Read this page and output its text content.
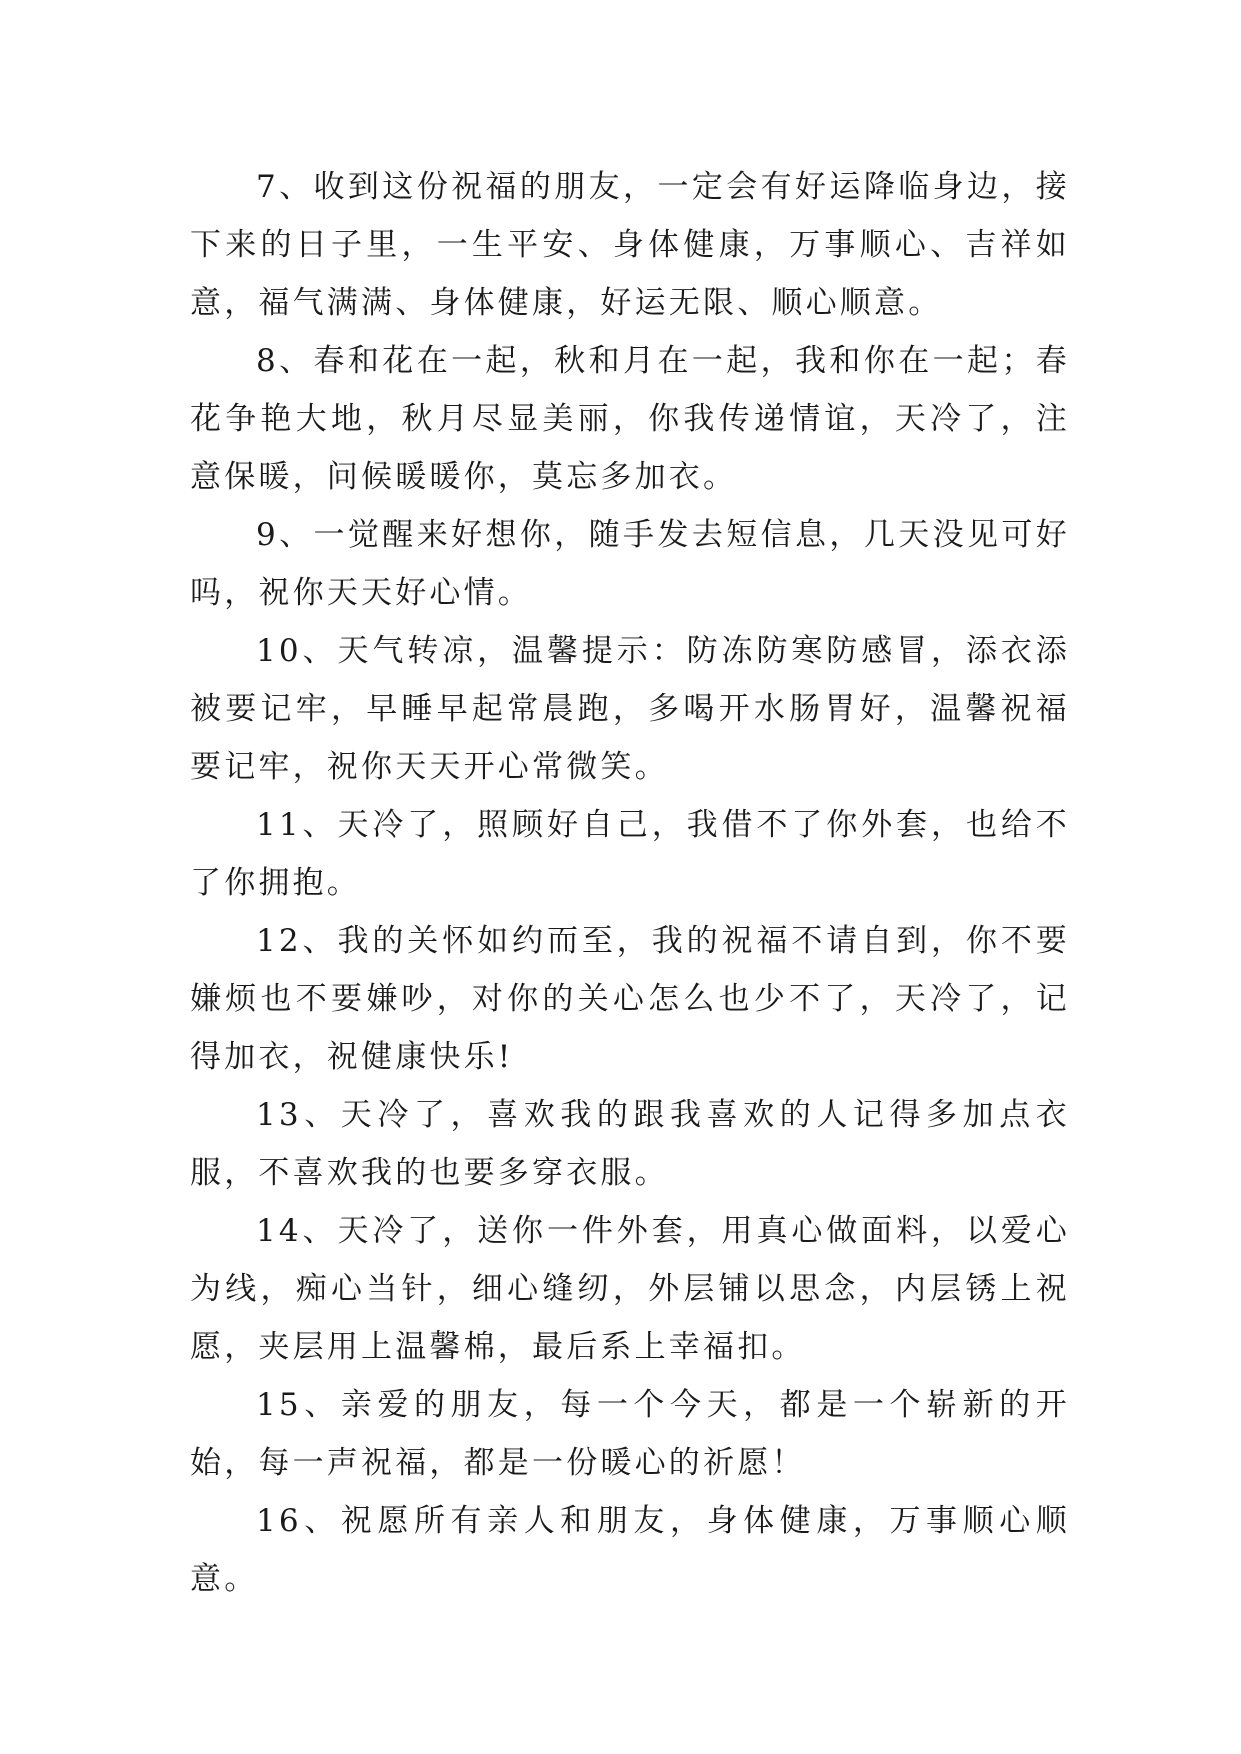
7、收到这份祝福的朋友，一定会有好运降临身边，接下来的日子里，一生平安、身体健康，万事顺心、吉祥如意，福气满满、身体健康，好运无限、顺心顺意。

8、春和花在一起，秋和月在一起，我和你在一起；春花争艳大地，秋月尽显美丽，你我传递情谊，天冷了，注意保暖，问候暖暖你，莫忘多加衣。

9、一觉醒来好想你，随手发去短信息，几天没见可好吗，祝你天天好心情。

10、天气转凉，温馨提示：防冻防寒防感冒，添衣添被要记牢，早睡早起常晨跑，多喝开水肠胃好，温馨祝福要记牢，祝你天天开心常微笑。

11、天冷了，照顾好自己，我借不了你外套，也给不了你拥抱。

12、我的关怀如约而至，我的祝福不请自到，你不要嫌烦也不要嫌吵，对你的关心怎么也少不了，天冷了，记得加衣，祝健康快乐!

13、天冷了，喜欢我的跟我喜欢的人记得多加点衣服，不喜欢我的也要多穿衣服。

14、天冷了，送你一件外套，用真心做面料，以爱心为线，痴心当针，细心缝纫，外层铺以思念，内层锈上祝愿，夹层用上温馨棉，最后系上幸福扣。

15、亲爱的朋友，每一个今天，都是一个崭新的开始，每一声祝福，都是一份暖心的祈愿！

16、祝愿所有亲人和朋友，身体健康，万事顺心顺意。
